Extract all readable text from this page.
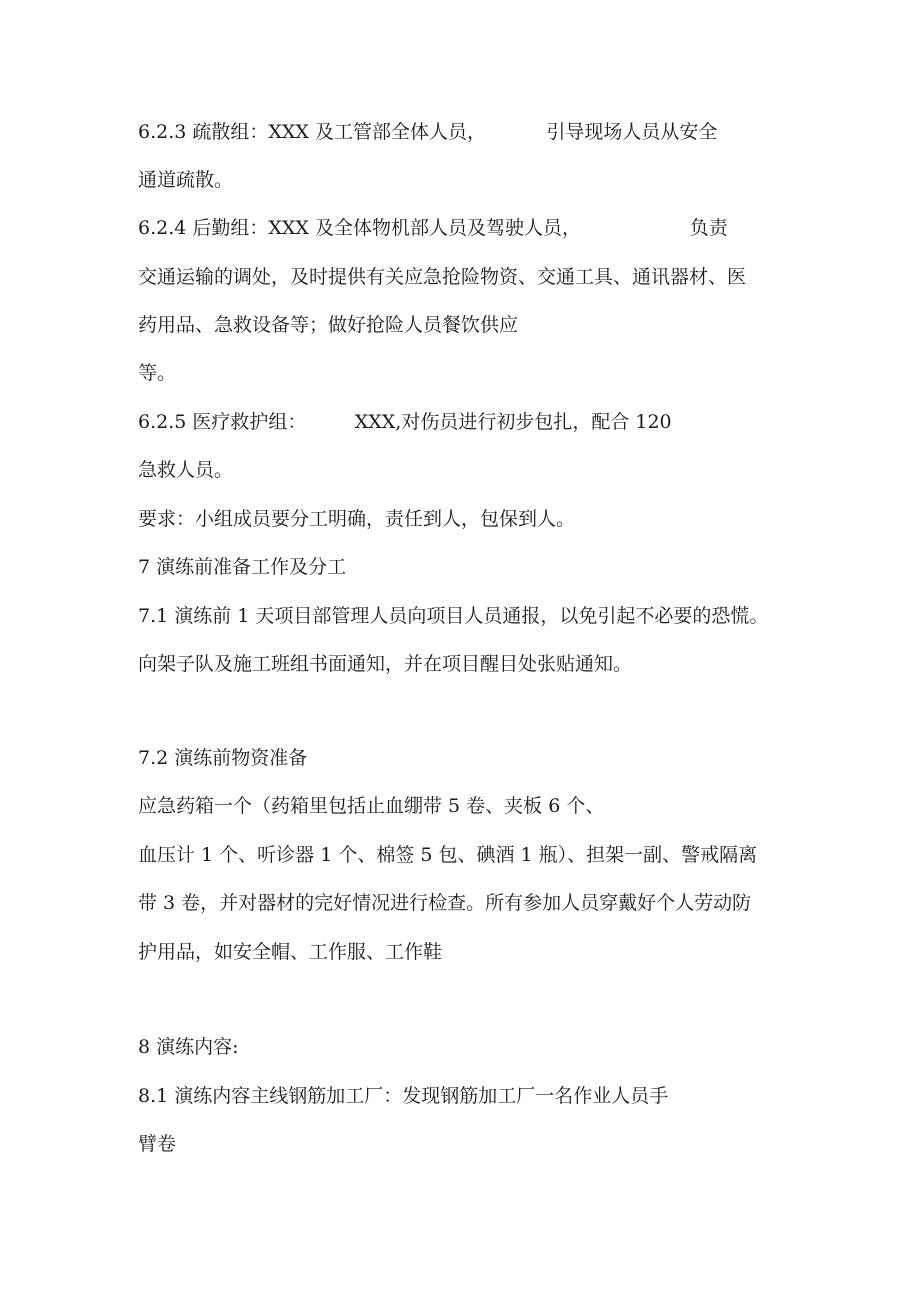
6.2.3 疏散组：XXX 及工管部全体人员，          引导现场人员从安全
通道疏散。
6.2.4 后勤组：XXX 及全体物机部人员及驾驶人员，                  负责
交通运输的调处，及时提供有关应急抢险物资、交通工具、通讯器材、医
药用品、急救设备等；做好抢险人员餐饮供应
等。
6.2.5 医疗救护组：        XXX,对伤员进行初步包扎，配合 120
急救人员。
要求：小组成员要分工明确，责任到人，包保到人。
7 演练前准备工作及分工
7.1 演练前 1 天项目部管理人员向项目人员通报，以免引起不必要的恐慌。
向架子队及施工班组书面通知，并在项目醒目处张贴通知。
7.2 演练前物资准备
应急药箱一个（药箱里包括止血绷带 5 卷、夹板 6 个、
血压计 1 个、听诊器 1 个、棉签 5 包、碘酒 1 瓶）、担架一副、警戒隔离
带 3 卷，并对器材的完好情况进行检查。所有参加人员穿戴好个人劳动防
护用品，如安全帽、工作服、工作鞋
8 演练内容:
8.1 演练内容主线钢筋加工厂：发现钢筋加工厂一名作业人员手
臂卷
